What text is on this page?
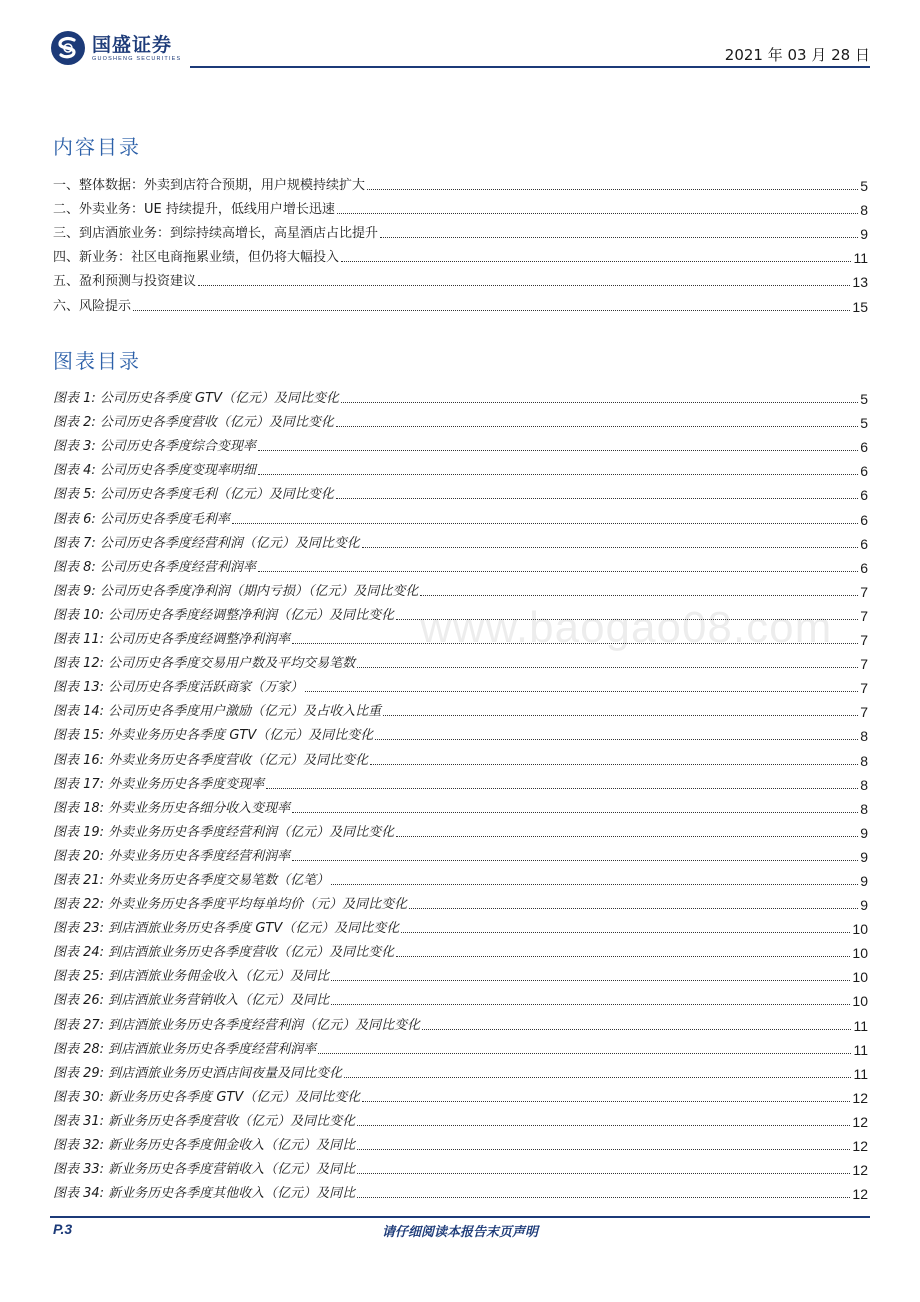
国盛证券
GUOSHENG SECURITIES	2021 年 03 月 28 日
内容目录
一、整体数据：外卖到店符合预期，用户规模持续扩大	5
二、外卖业务：UE 持续提升，低线用户增长迅速	8
三、到店酒旅业务：到综持续高增长，高星酒店占比提升	9
四、新业务：社区电商拖累业绩，但仍将大幅投入	11
五、盈利预测与投资建议	13
六、风险提示	15
图表目录
图表 1: 公司历史各季度 GTV（亿元）及同比变化	5
图表 2: 公司历史各季度营收（亿元）及同比变化	5
图表 3: 公司历史各季度综合变现率	6
图表 4: 公司历史各季度变现率明细	6
图表 5: 公司历史各季度毛利（亿元）及同比变化	6
图表 6: 公司历史各季度毛利率	6
图表 7: 公司历史各季度经营利润（亿元）及同比变化	6
图表 8: 公司历史各季度经营利润率	6
图表 9: 公司历史各季度净利润（期内亏损）（亿元）及同比变化	7
图表 10: 公司历史各季度经调整净利润（亿元）及同比变化	7
图表 11: 公司历史各季度经调整净利润率	7
图表 12: 公司历史各季度交易用户数及平均交易笔数	7
图表 13: 公司历史各季度活跃商家（万家）	7
图表 14: 公司历史各季度用户激励（亿元）及占收入比重	7
图表 15: 外卖业务历史各季度 GTV（亿元）及同比变化	8
图表 16: 外卖业务历史各季度营收（亿元）及同比变化	8
图表 17: 外卖业务历史各季度变现率	8
图表 18: 外卖业务历史各细分收入变现率	8
图表 19: 外卖业务历史各季度经营利润（亿元）及同比变化	9
图表 20: 外卖业务历史各季度经营利润率	9
图表 21: 外卖业务历史各季度交易笔数（亿笔）	9
图表 22: 外卖业务历史各季度平均每单均价（元）及同比变化	9
图表 23: 到店酒旅业务历史各季度 GTV（亿元）及同比变化	10
图表 24: 到店酒旅业务历史各季度营收（亿元）及同比变化	10
图表 25: 到店酒旅业务佣金收入（亿元）及同比	10
图表 26: 到店酒旅业务营销收入（亿元）及同比	10
图表 27: 到店酒旅业务历史各季度经营利润（亿元）及同比变化	11
图表 28: 到店酒旅业务历史各季度经营利润率	11
图表 29: 到店酒旅业务历史酒店间夜量及同比变化	11
图表 30: 新业务历史各季度 GTV（亿元）及同比变化	12
图表 31: 新业务历史各季度营收（亿元）及同比变化	12
图表 32: 新业务历史各季度佣金收入（亿元）及同比	12
图表 33: 新业务历史各季度营销收入（亿元）及同比	12
图表 34: 新业务历史各季度其他收入（亿元）及同比	12
www.baogao08.com
P.3	请仔细阅读本报告末页声明
